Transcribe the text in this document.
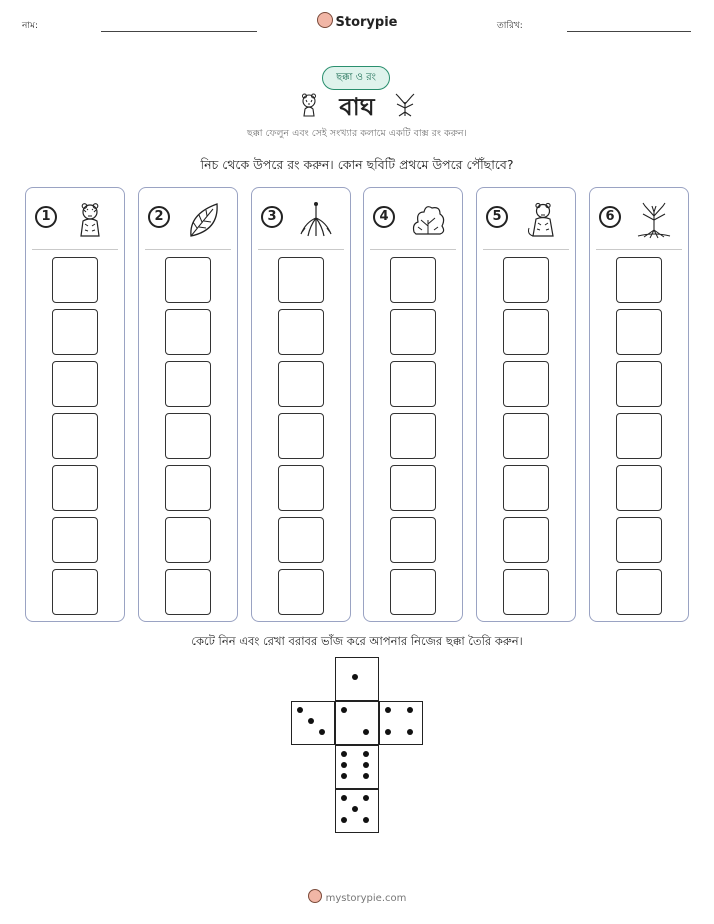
নাম:	Storypie	তারিখ:
ছক্কা ও রং
বাঘ
ছক্কা ফেলুন এবং সেই সংখ্যার কলামে একটি বাক্স রং করুন।
নিচ থেকে উপরে রং করুন। কোন ছবিটি প্রথমে উপরে পৌঁছাবে?
1	2	3	4	5	6
কেটে নিন এবং রেখা বরাবর ভাঁজ করে আপনার নিজের ছক্কা তৈরি করুন।
mystorypie.com
